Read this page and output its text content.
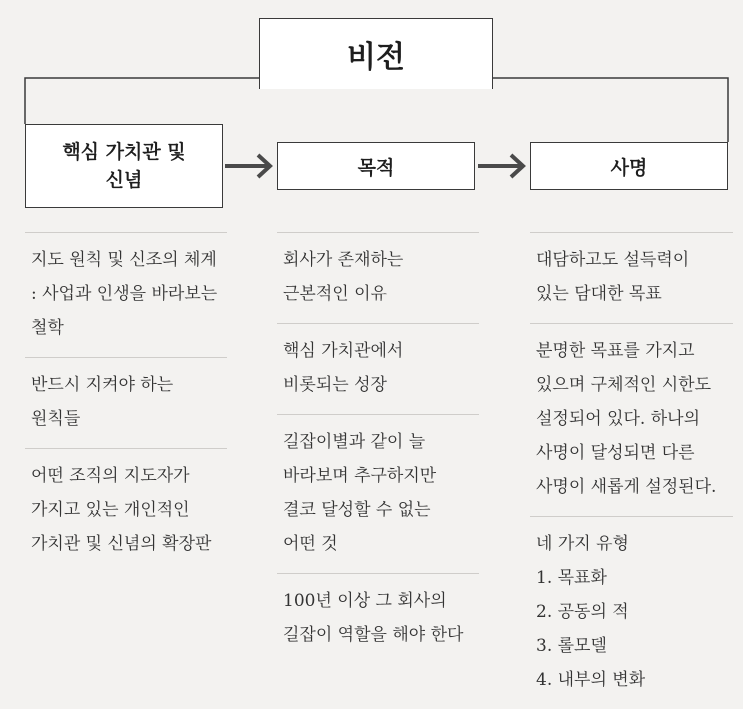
비전
핵심 가치관 및
신념
목적	사명
지도 원칙 및 신조의 체계
: 사업과 인생을 바라보는
철학
반드시 지켜야 하는
원칙들
어떤 조직의 지도자가
가지고 있는 개인적인
가치관 및 신념의 확장판
회사가 존재하는
근본적인 이유
핵심 가치관에서
비롯되는 성장
길잡이별과 같이 늘
바라보며 추구하지만
결코 달성할 수 없는
어떤 것
100년 이상 그 회사의
길잡이 역할을 해야 한다
대담하고도 설득력이
있는 담대한 목표
분명한 목표를 가지고
있으며 구체적인 시한도
설정되어 있다. 하나의
사명이 달성되면 다른
사명이 새롭게 설정된다.
네 가지 유형
1. 목표화
2. 공동의 적
3. 롤모델
4. 내부의 변화
